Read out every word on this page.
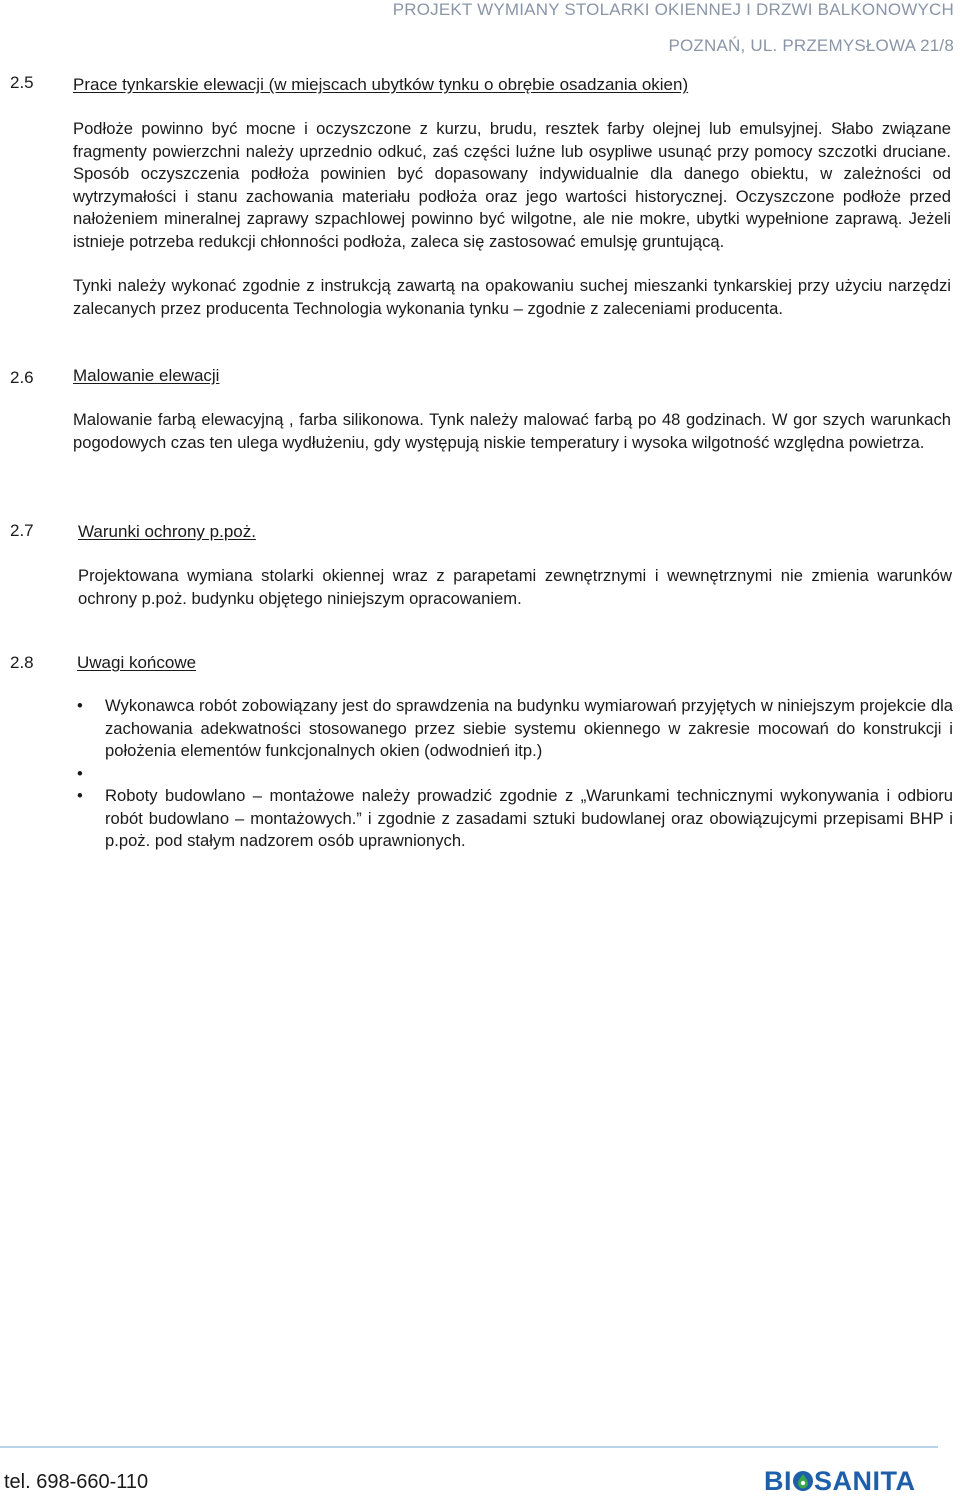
PROJEKT WYMIANY STOLARKI OKIENNEJ I DRZWI BALKONOWYCH
POZNAŃ, UL. PRZEMYSŁOWA 21/8
2.5 Prace tynkarskie elewacji (w miejscach ubytków tynku o obrębie osadzania okien)

Podłoże powinno być mocne i oczyszczone z kurzu, brudu, resztek farby olejnej lub emulsyjnej. Słabo związane fragmenty powierzchni należy uprzednio odkuć, zaś części luźne lub osypliwe usunąć przy pomocy szczotki druciane. Sposób oczyszczenia podłoża powinien być dopasowany indywidualnie dla danego obiektu, w zależności od wytrzymałości i stanu zachowania materiału podłoża oraz jego wartości historycznej. Oczyszczone podłoże przed nałożeniem mineralnej zaprawy szpachlowej powinno być wilgotne, ale nie mokre, ubytki wypełnione zaprawą. Jeżeli istnieje potrzeba redukcji chłonności podłoża, zaleca się zastosować emulsję gruntującą.

Tynki należy wykonać zgodnie z instrukcją zawartą na opakowaniu suchej mieszanki tynkarskiej przy użyciu narzędzi zalecanych przez producenta Technologia wykonania tynku – zgodnie z zaleceniami producenta.

2.6 Malowanie elewacji

Malowanie farbą elewacyjną , farba silikonowa. Tynk należy malować farbą po 48 godzinach. W gor szych warunkach pogodowych czas ten ulega wydłużeniu, gdy występują niskie temperatury i wysoka wilgotność względna powietrza.

2.7	Warunki ochrony p.poż.

Projektowana wymiana stolarki okiennej wraz z parapetami zewnętrznymi i wewnętrznymi nie zmienia warunków ochrony p.poż. budynku objętego niniejszym opracowaniem.

2.8	Uwagi końcowe
• Wykonawca robót zobowiązany jest do sprawdzenia na budynku wymiarowań przyjętych w niniejszym projekcie dla zachowania adekwatności stosowanego przez siebie systemu okiennego w zakresie mocowań do konstrukcji i położenia elementów funkcjonalnych okien (odwodnień itp.)
•
• Roboty budowlano – montażowe należy prowadzić zgodnie z „Warunkami technicznymi wykonywania i odbioru robót budowlano – montażowych.” i zgodnie z zasadami sztuki budowlanej oraz obowiązujcymi przepisami BHP i p.poż. pod stałym nadzorem osób uprawnionych.
tel. 698-660-110	BI SANITA
